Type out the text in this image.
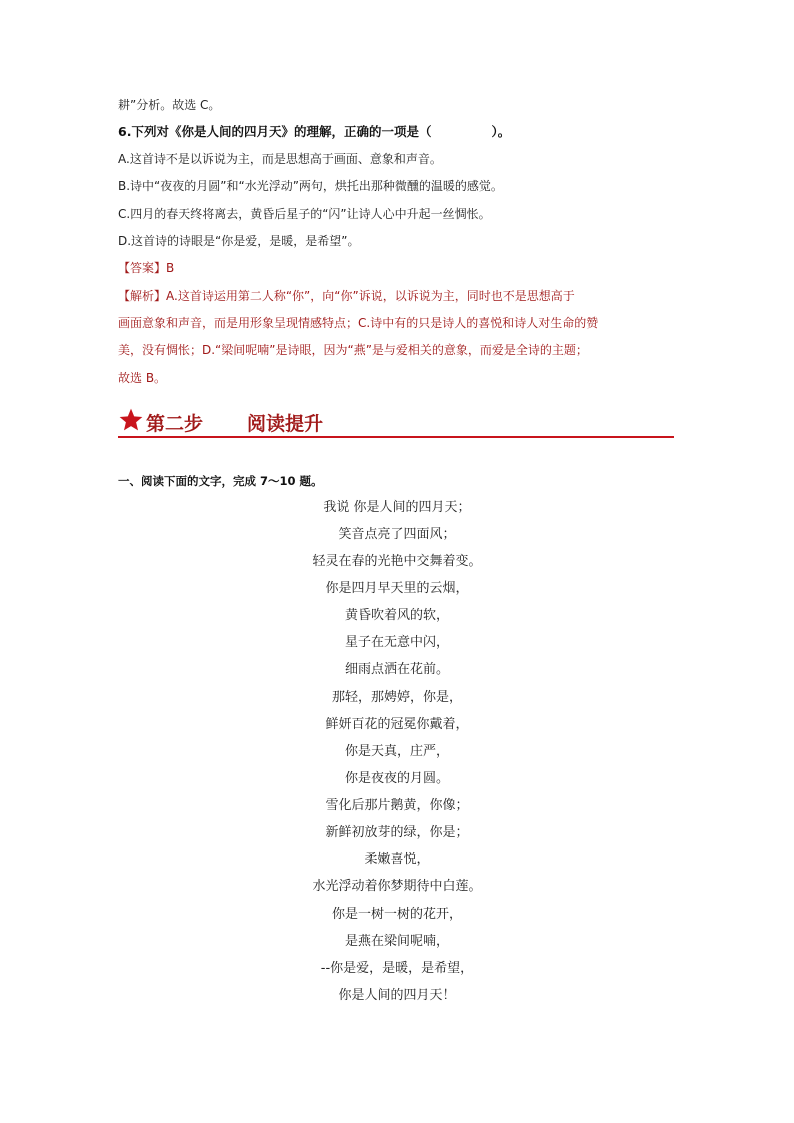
耕”分析。故选 C。
6.下列对《你是人间的四月天》的理解，正确的一项是（	）。
A.这首诗不是以诉说为主，而是思想高于画面、意象和声音。
B.诗中“夜夜的月圆”和“水光浮动”两句，烘托出那种微醺的温暖的感觉。
C.四月的春天终将离去，黄昏后星子的“闪”让诗人心中升起一丝惆怅。
D.这首诗的诗眼是“你是爱，是暖，是希望”。
【答案】B
【解析】A.这首诗运用第二人称“你”，向“你”诉说，以诉说为主，同时也不是思想高于
画面意象和声音，而是用形象呈现情感特点；C.诗中有的只是诗人的喜悦和诗人对生命的赞
美，没有惆怅；D.“梁间呢喃”是诗眼，因为“燕”是与爱相关的意象，而爱是全诗的主题；
故选 B。
第二步 阅读提升
一、阅读下面的文字，完成 7～10 题。
我说 你是人间的四月天；
笑音点亮了四面风；
轻灵在春的光艳中交舞着变。
你是四月早天里的云烟，
黄昏吹着风的软，
星子在无意中闪，
细雨点洒在花前。
那轻，那娉婷，你是，
鲜妍百花的冠冕你戴着，
你是天真，庄严，
你是夜夜的月圆。
雪化后那片鹅黄，你像；
新鲜初放芽的绿，你是；
柔嫩喜悦，
水光浮动着你梦期待中白莲。
你是一树一树的花开，
是燕在梁间呢喃，
--你是爱，是暖，是希望，
你是人间的四月天！
